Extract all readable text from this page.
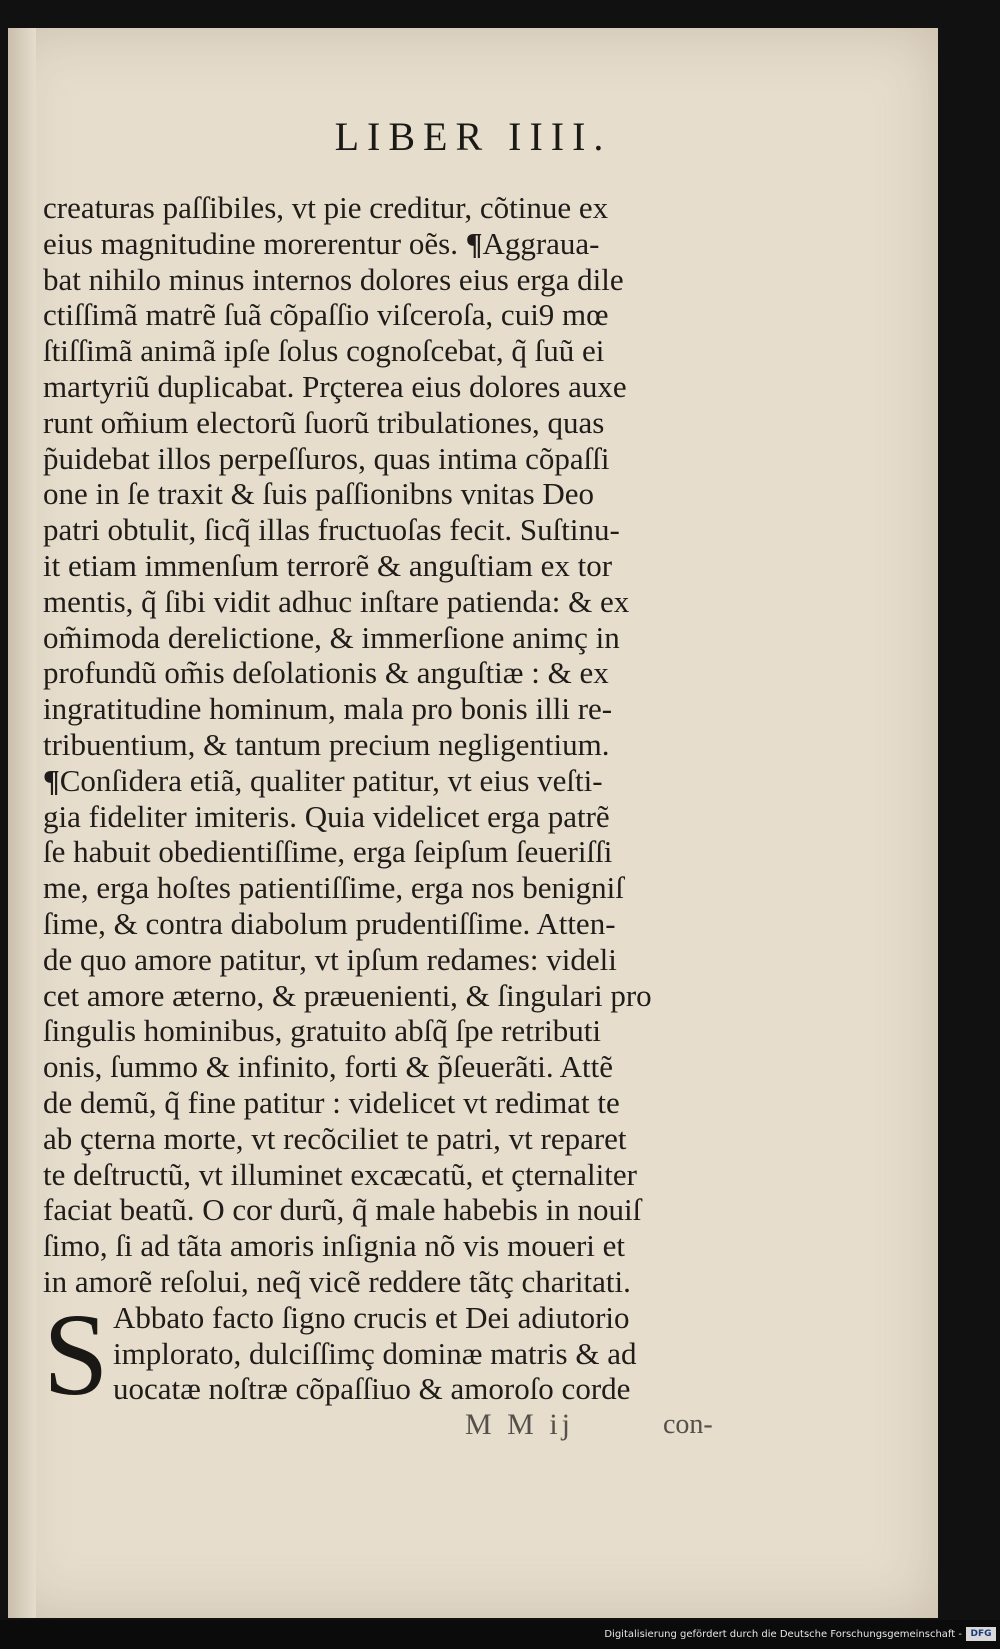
LIBER IIII.
creaturas paſſibiles, vt pie creditur, cõtinue ex
eius magnitudine morerentur oẽs. ¶Aggraua-
bat nihilo minus internos dolores eius erga dile
ctiſſimã matrẽ ſuã cõpaſſio viſceroſa, cui9 mœ
ſtiſſimã animã ipſe ſolus cognoſcebat, q̃ ſuũ ei
martyriũ duplicabat. Prçterea eius dolores auxe
runt om̃ium electorũ ſuorũ tribulationes, quas
p̃uidebat illos perpeſſuros, quas intima cõpaſſi
one in ſe traxit & ſuis paſſionibns vnitas Deo
patri obtulit, ſicq̃ illas fructuoſas fecit. Suſtinu-
it etiam immenſum terrorẽ & anguſtiam ex tor
mentis, q̃ ſibi vidit adhuc inſtare patienda: & ex
om̃imoda derelictione, & immerſione animç in
profundũ om̃is deſolationis & anguſtiæ : & ex
ingratitudine hominum, mala pro bonis illi re-
tribuentium, & tantum precium negligentium.
¶Conſidera etiã, qualiter patitur, vt eius veſti-
gia fideliter imiteris. Quia videlicet erga patrẽ
ſe habuit obedientiſſime, erga ſeipſum ſeueriſſi
me, erga hoſtes patientiſſime, erga nos benigniſ
ſime, & contra diabolum prudentiſſime. Atten-
de quo amore patitur, vt ipſum redames: videli
cet amore æterno, & præuenienti, & ſingulari pro
ſingulis hominibus, gratuito abſq̃ ſpe retributi
onis, ſummo & infinito, forti & p̃ſeuerãti. Attẽ
de demũ, q̃ fine patitur : videlicet vt redimat te
ab çterna morte, vt recõciliet te patri, vt reparet
te deſtructũ, vt illuminet excæcatũ, et çternaliter
faciat beatũ. O cor durũ, q̃ male habebis in nouiſ
ſimo, ſi ad tãta amoris inſignia nõ vis moueri et
in amorẽ reſolui, neq̃ vicẽ reddere tãtç charitati.
S Abbato facto ſigno crucis et Dei adiutorio
implorato, dulciſſimç dominæ matris & ad
uocatæ noſtræ cõpaſſiuo & amoroſo corde
M M ij	con-
Digitalisierung gefördert durch die Deutsche Forschungsgemeinschaft - DFG
